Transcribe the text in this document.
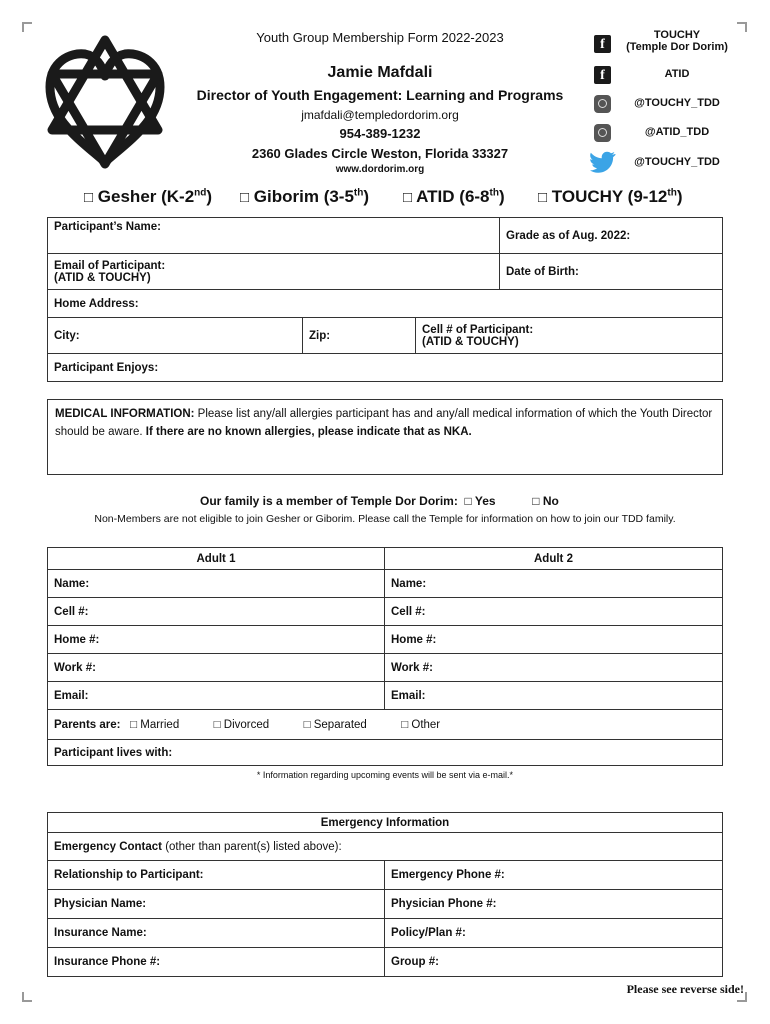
Youth Group Membership Form 2022-2023
Jamie Mafdali
Director of Youth Engagement: Learning and Programs
jmafdali@templedordorim.org
954-389-1232
2360 Glades Circle Weston, Florida 33327
www.dordorim.org
f
TOUCHY
(Temple Dor Dorim)
f	ATID
@TOUCHY_TDD
@ATID_TDD
@TOUCHY_TDD
□ Gesher (K-2nd) □ Giborim (3-5th) □ ATID (6-8th) □ TOUCHY (9-12th)
Participant’s Name:			Grade as of Aug. 2022:

Email of Participant:
(ATID & TOUCHY)			Date of Birth:
Home Address:			
City:	Zip:	Cell # of Participant:
(ATID & TOUCHY)	

Participant Enjoys:			
MEDICAL INFORMATION: Please list any/all allergies participant has and any/all medical information of which the Youth Director should be aware. If there are no known allergies, please indicate that as NKA.
Our family is a member of Temple Dor Dorim: □ Yes	□ No
Non-Members are not eligible to join Gesher or Giborim. Please call the Temple for information on how to join our TDD family.
Adult 1	Adult 2
Name:	Name:
Cell #:	Cell #:
Home #:	Home #:
Work #:	Work #:
Email:	Email:
Parents are: □ Married □ Divorced □ Separated □ Other	
Participant lives with:	
* Information regarding upcoming events will be sent via e-mail.*
Emergency Information	
Emergency Contact (other than parent(s) listed above):	
Relationship to Participant:	Emergency Phone #:
Physician Name:	Physician Phone #:
Insurance Name:	Policy/Plan #:
Insurance Phone #:	Group #:
Please see reverse side!
